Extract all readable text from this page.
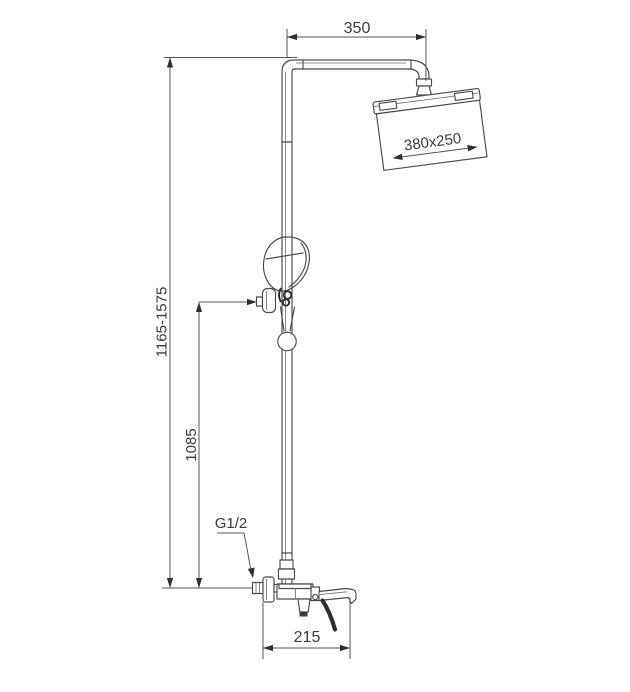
380x250
350
1165-1575
1085
G1/2
215
